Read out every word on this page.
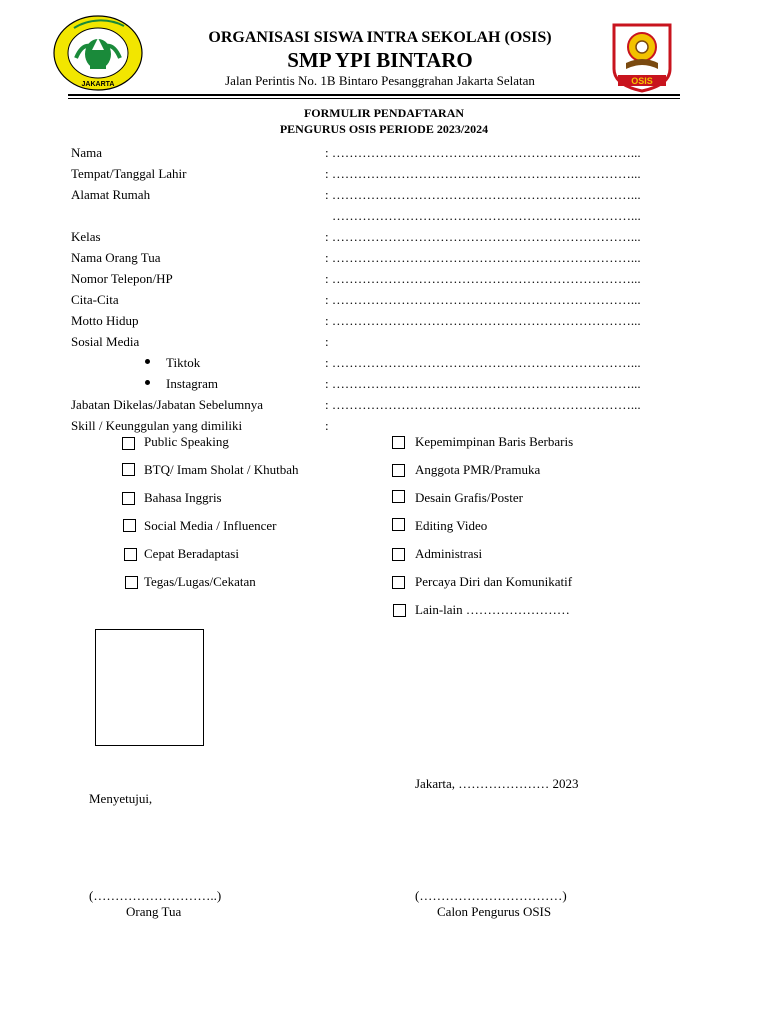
JAKARTA	OSIS
ORGANISASI SISWA INTRA SEKOLAH (OSIS)
SMP YPI BINTARO
Jalan Perintis No. 1B Bintaro Pesanggrahan Jakarta Selatan
FORMULIR PENDAFTARAN
PENGURUS OSIS PERIODE 2023/2024
Nama	: ……………………………………………………………...
Tempat/Tanggal Lahir	: ……………………………………………………………...
Alamat Rumah	: ……………………………………………………………...
……………………………………………………………...
Kelas	: ……………………………………………………………...
Nama Orang Tua	: ……………………………………………………………...
Nomor Telepon/HP	: ……………………………………………………………...
Cita-Cita	: ……………………………………………………………...
Motto Hidup	: ……………………………………………………………...
Sosial Media	:
Tiktok	: ……………………………………………………………...
Instagram	: ……………………………………………………………...
Jabatan Dikelas/Jabatan Sebelumnya	: ……………………………………………………………...
Skill / Keunggulan yang dimiliki	:
Public Speaking
BTQ/ Imam Sholat / Khutbah
Bahasa Inggris
Social Media / Influencer
Cepat Beradaptasi
Tegas/Lugas/Cekatan
Kepemimpinan Baris Berbaris
Anggota PMR/Pramuka
Desain Grafis/Poster
Editing Video
Administrasi
Percaya Diri dan Komunikatif
Lain-lain ……………………
Jakarta, ………………… 2023
Menyetujui,
(………………………..)
Orang Tua
(……………………………)
Calon Pengurus OSIS
